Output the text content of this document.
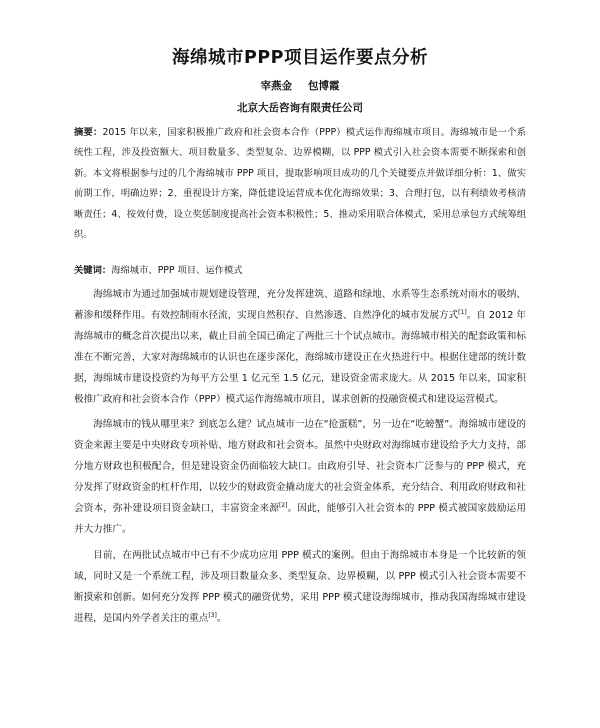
海绵城市PPP项目运作要点分析
宰燕金 包博霞
北京大岳咨询有限责任公司
摘要：2015 年以来，国家积极推广政府和社会资本合作（PPP）模式运作海绵城市项目。海绵城市是一个系统性工程，涉及投资额大、项目数量多、类型复杂、边界模糊，以 PPP 模式引入社会资本需要不断探索和创新。本文将根据参与过的几个海绵城市 PPP 项目，提取影响项目成功的几个关键要点并做详细分析：1、做实前期工作，明确边界；2、重视设计方案，降低建设运营成本优化海绵效果；3、合理打包，以有利绩效考核清晰责任；4、按效付费，设立奖惩制度提高社会资本积极性；5、推动采用联合体模式，采用总承包方式统筹组织。
关键词：海绵城市、PPP 项目、运作模式

海绵城市为通过加强城市规划建设管理，充分发挥建筑、道路和绿地、水系等生态系统对雨水的吸纳、蓄渗和缓释作用。有效控制雨水径流，实现自然积存、自然渗透、自然净化的城市发展方式[1]。自 2012 年海绵城市的概念首次提出以来，截止目前全国已确定了两批三十个试点城市。海绵城市相关的配套政策和标准在不断完善，大家对海绵城市的认识也在逐步深化，海绵城市建设正在火热进行中。根据住建部的统计数据，海绵城市建设投资约为每平方公里 1 亿元至 1.5 亿元，建设资金需求庞大。从 2015 年以来，国家积极推广政府和社会资本合作（PPP）模式运作海绵城市项目，谋求创新的投融资模式和建设运营模式。

海绵城市的钱从哪里来？到底怎么建？试点城市一边在“抢蛋糕”，另一边在“吃螃蟹”。海绵城市建设的资金来源主要是中央财政专项补贴、地方财政和社会资本。虽然中央财政对海绵城市建设给予大力支持，部分地方财政也积极配合，但是建设资金仍面临较大缺口。由政府引导、社会资本广泛参与的 PPP 模式，充分发挥了财政资金的杠杆作用，以较少的财政资金撬动庞大的社会资金体系，充分结合、利用政府财政和社会资本，弥补建设项目资金缺口，丰富资金来源[2]。因此，能够引入社会资本的 PPP 模式被国家鼓励运用并大力推广。

目前，在两批试点城市中已有不少成功应用 PPP 模式的案例。但由于海绵城市本身是一个比较新的领域，同时又是一个系统工程，涉及项目数量众多、类型复杂、边界模糊，以 PPP 模式引入社会资本需要不断摸索和创新。如何充分发挥 PPP 模式的融资优势，采用 PPP 模式建设海绵城市，推动我国海绵城市建设进程，是国内外学者关注的重点[3]。
